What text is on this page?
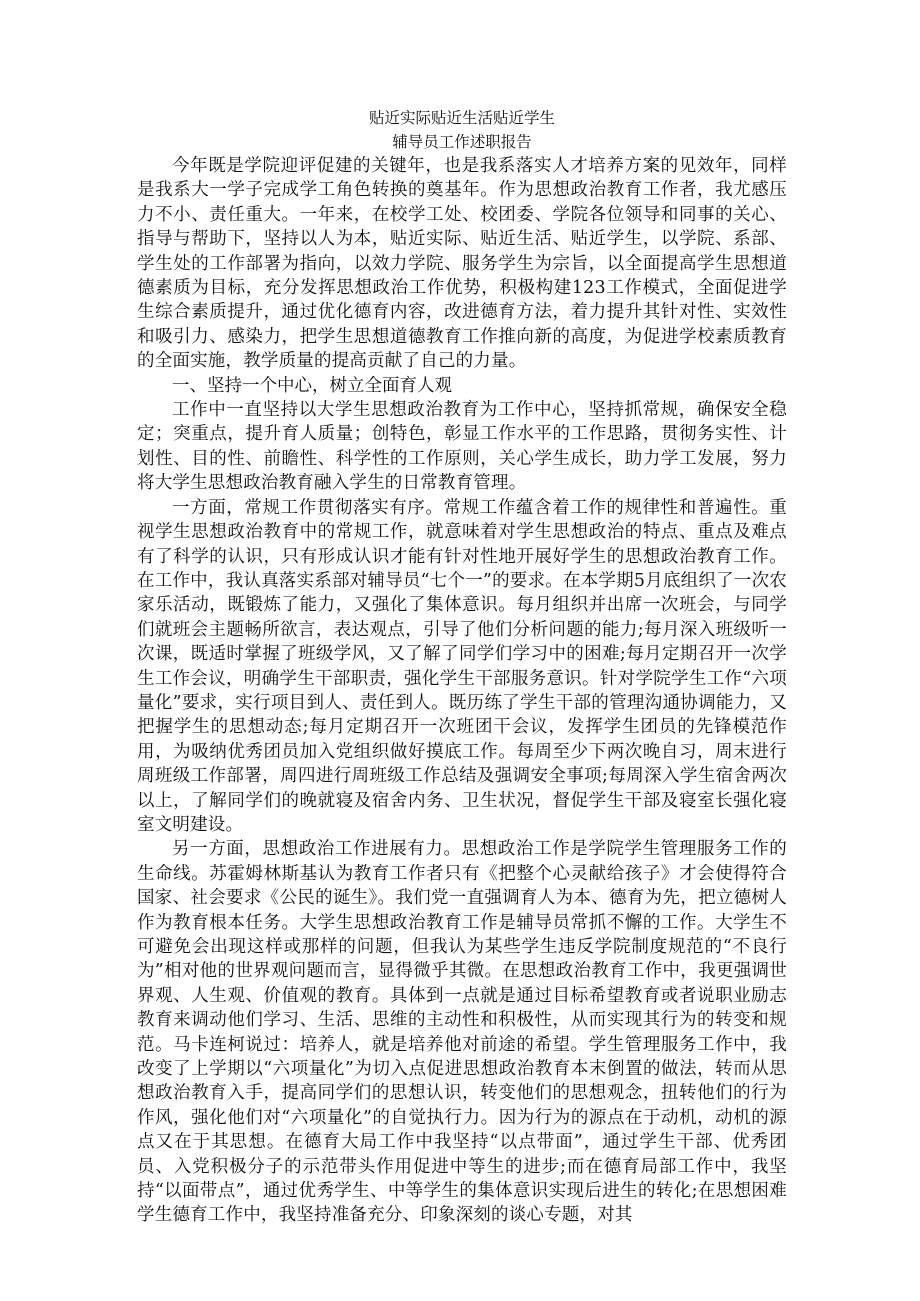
贴近实际贴近生活贴近学生

辅导员工作述职报告

今年既是学院迎评促建的关键年，也是我系落实人才培养方案的见效年，同样是我系大一学子完成学工角色转换的奠基年。作为思想政治教育工作者，我尤感压力不小、责任重大。一年来，在校学工处、校团委、学院各位领导和同事的关心、指导与帮助下，坚持以人为本，贴近实际、贴近生活、贴近学生，以学院、系部、学生处的工作部署为指向，以效力学院、服务学生为宗旨，以全面提高学生思想道德素质为目标，充分发挥思想政治工作优势，积极构建123工作模式，全面促进学生综合素质提升，通过优化德育内容，改进德育方法，着力提升其针对性、实效性和吸引力、感染力，把学生思想道德教育工作推向新的高度，为促进学校素质教育的全面实施，教学质量的提高贡献了自己的力量。

一、坚持一个中心，树立全面育人观

工作中一直坚持以大学生思想政治教育为工作中心，坚持抓常规，确保安全稳定；突重点，提升育人质量；创特色，彰显工作水平的工作思路，贯彻务实性、计划性、目的性、前瞻性、科学性的工作原则，关心学生成长，助力学工发展，努力将大学生思想政治教育融入学生的日常教育管理。

一方面，常规工作贯彻落实有序。常规工作蕴含着工作的规律性和普遍性。重视学生思想政治教育中的常规工作，就意味着对学生思想政治的特点、重点及难点有了科学的认识，只有形成认识才能有针对性地开展好学生的思想政治教育工作。在工作中，我认真落实系部对辅导员“七个一”的要求。在本学期5月底组织了一次农家乐活动，既锻炼了能力，又强化了集体意识。每月组织并出席一次班会，与同学们就班会主题畅所欲言，表达观点，引导了他们分析问题的能力;每月深入班级听一次课，既适时掌握了班级学风，又了解了同学们学习中的困难;每月定期召开一次学生工作会议，明确学生干部职责，强化学生干部服务意识。针对学院学生工作“六项量化”要求，实行项目到人、责任到人。既历练了学生干部的管理沟通协调能力，又把握学生的思想动态;每月定期召开一次班团干会议，发挥学生团员的先锋模范作用，为吸纳优秀团员加入党组织做好摸底工作。每周至少下两次晚自习，周末进行周班级工作部署，周四进行周班级工作总结及强调安全事项;每周深入学生宿舍两次以上，了解同学们的晚就寝及宿舍内务、卫生状况，督促学生干部及寝室长强化寝室文明建设。

另一方面，思想政治工作进展有力。思想政治工作是学院学生管理服务工作的生命线。苏霍姆林斯基认为教育工作者只有《把整个心灵献给孩子》才会使得符合国家、社会要求《公民的诞生》。我们党一直强调育人为本、德育为先，把立德树人作为教育根本任务。大学生思想政治教育工作是辅导员常抓不懈的工作。大学生不可避免会出现这样或那样的问题，但我认为某些学生违反学院制度规范的“不良行为”相对他的世界观问题而言，显得微乎其微。在思想政治教育工作中，我更强调世界观、人生观、价值观的教育。具体到一点就是通过目标希望教育或者说职业励志教育来调动他们学习、生活、思维的主动性和积极性，从而实现其行为的转变和规范。马卡连柯说过：培养人，就是培养他对前途的希望。学生管理服务工作中，我改变了上学期以“六项量化”为切入点促进思想政治教育本末倒置的做法，转而从思想政治教育入手，提高同学们的思想认识，转变他们的思想观念，扭转他们的行为作风，强化他们对“六项量化”的自觉执行力。因为行为的源点在于动机，动机的源点又在于其思想。在德育大局工作中我坚持“以点带面”，通过学生干部、优秀团员、入党积极分子的示范带头作用促进中等生的进步;而在德育局部工作中，我坚持“以面带点”，通过优秀学生、中等学生的集体意识实现后进生的转化;在思想困难学生德育工作中，我坚持准备充分、印象深刻的谈心专题，对其
